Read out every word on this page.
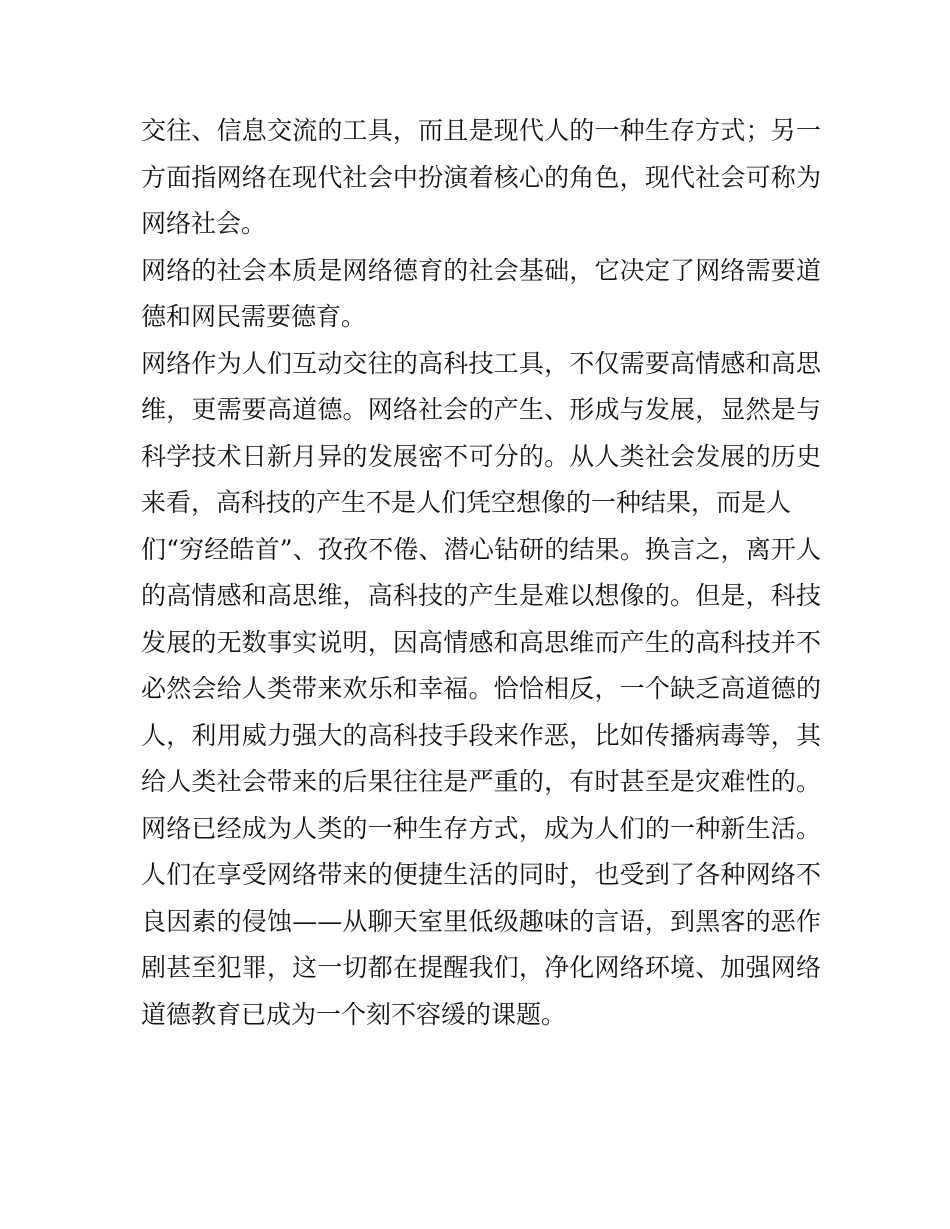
交往、信息交流的工具，而且是现代人的一种生存方式；另一
方面指网络在现代社会中扮演着核心的角色，现代社会可称为
网络社会。
网络的社会本质是网络德育的社会基础，它决定了网络需要道
德和网民需要德育。
网络作为人们互动交往的高科技工具，不仅需要高情感和高思
维，更需要高道德。网络社会的产生、形成与发展，显然是与
科学技术日新月异的发展密不可分的。从人类社会发展的历史
来看，高科技的产生不是人们凭空想像的一种结果，而是人
们“穷经皓首”、孜孜不倦、潜心钻研的结果。换言之，离开人
的高情感和高思维，高科技的产生是难以想像的。但是，科技
发展的无数事实说明，因高情感和高思维而产生的高科技并不
必然会给人类带来欢乐和幸福。恰恰相反，一个缺乏高道德的
人，利用威力强大的高科技手段来作恶，比如传播病毒等，其
给人类社会带来的后果往往是严重的，有时甚至是灾难性的。
网络已经成为人类的一种生存方式，成为人们的一种新生活。
人们在享受网络带来的便捷生活的同时，也受到了各种网络不
良因素的侵蚀——从聊天室里低级趣味的言语，到黑客的恶作
剧甚至犯罪，这一切都在提醒我们，净化网络环境、加强网络
道德教育已成为一个刻不容缓的课题。
